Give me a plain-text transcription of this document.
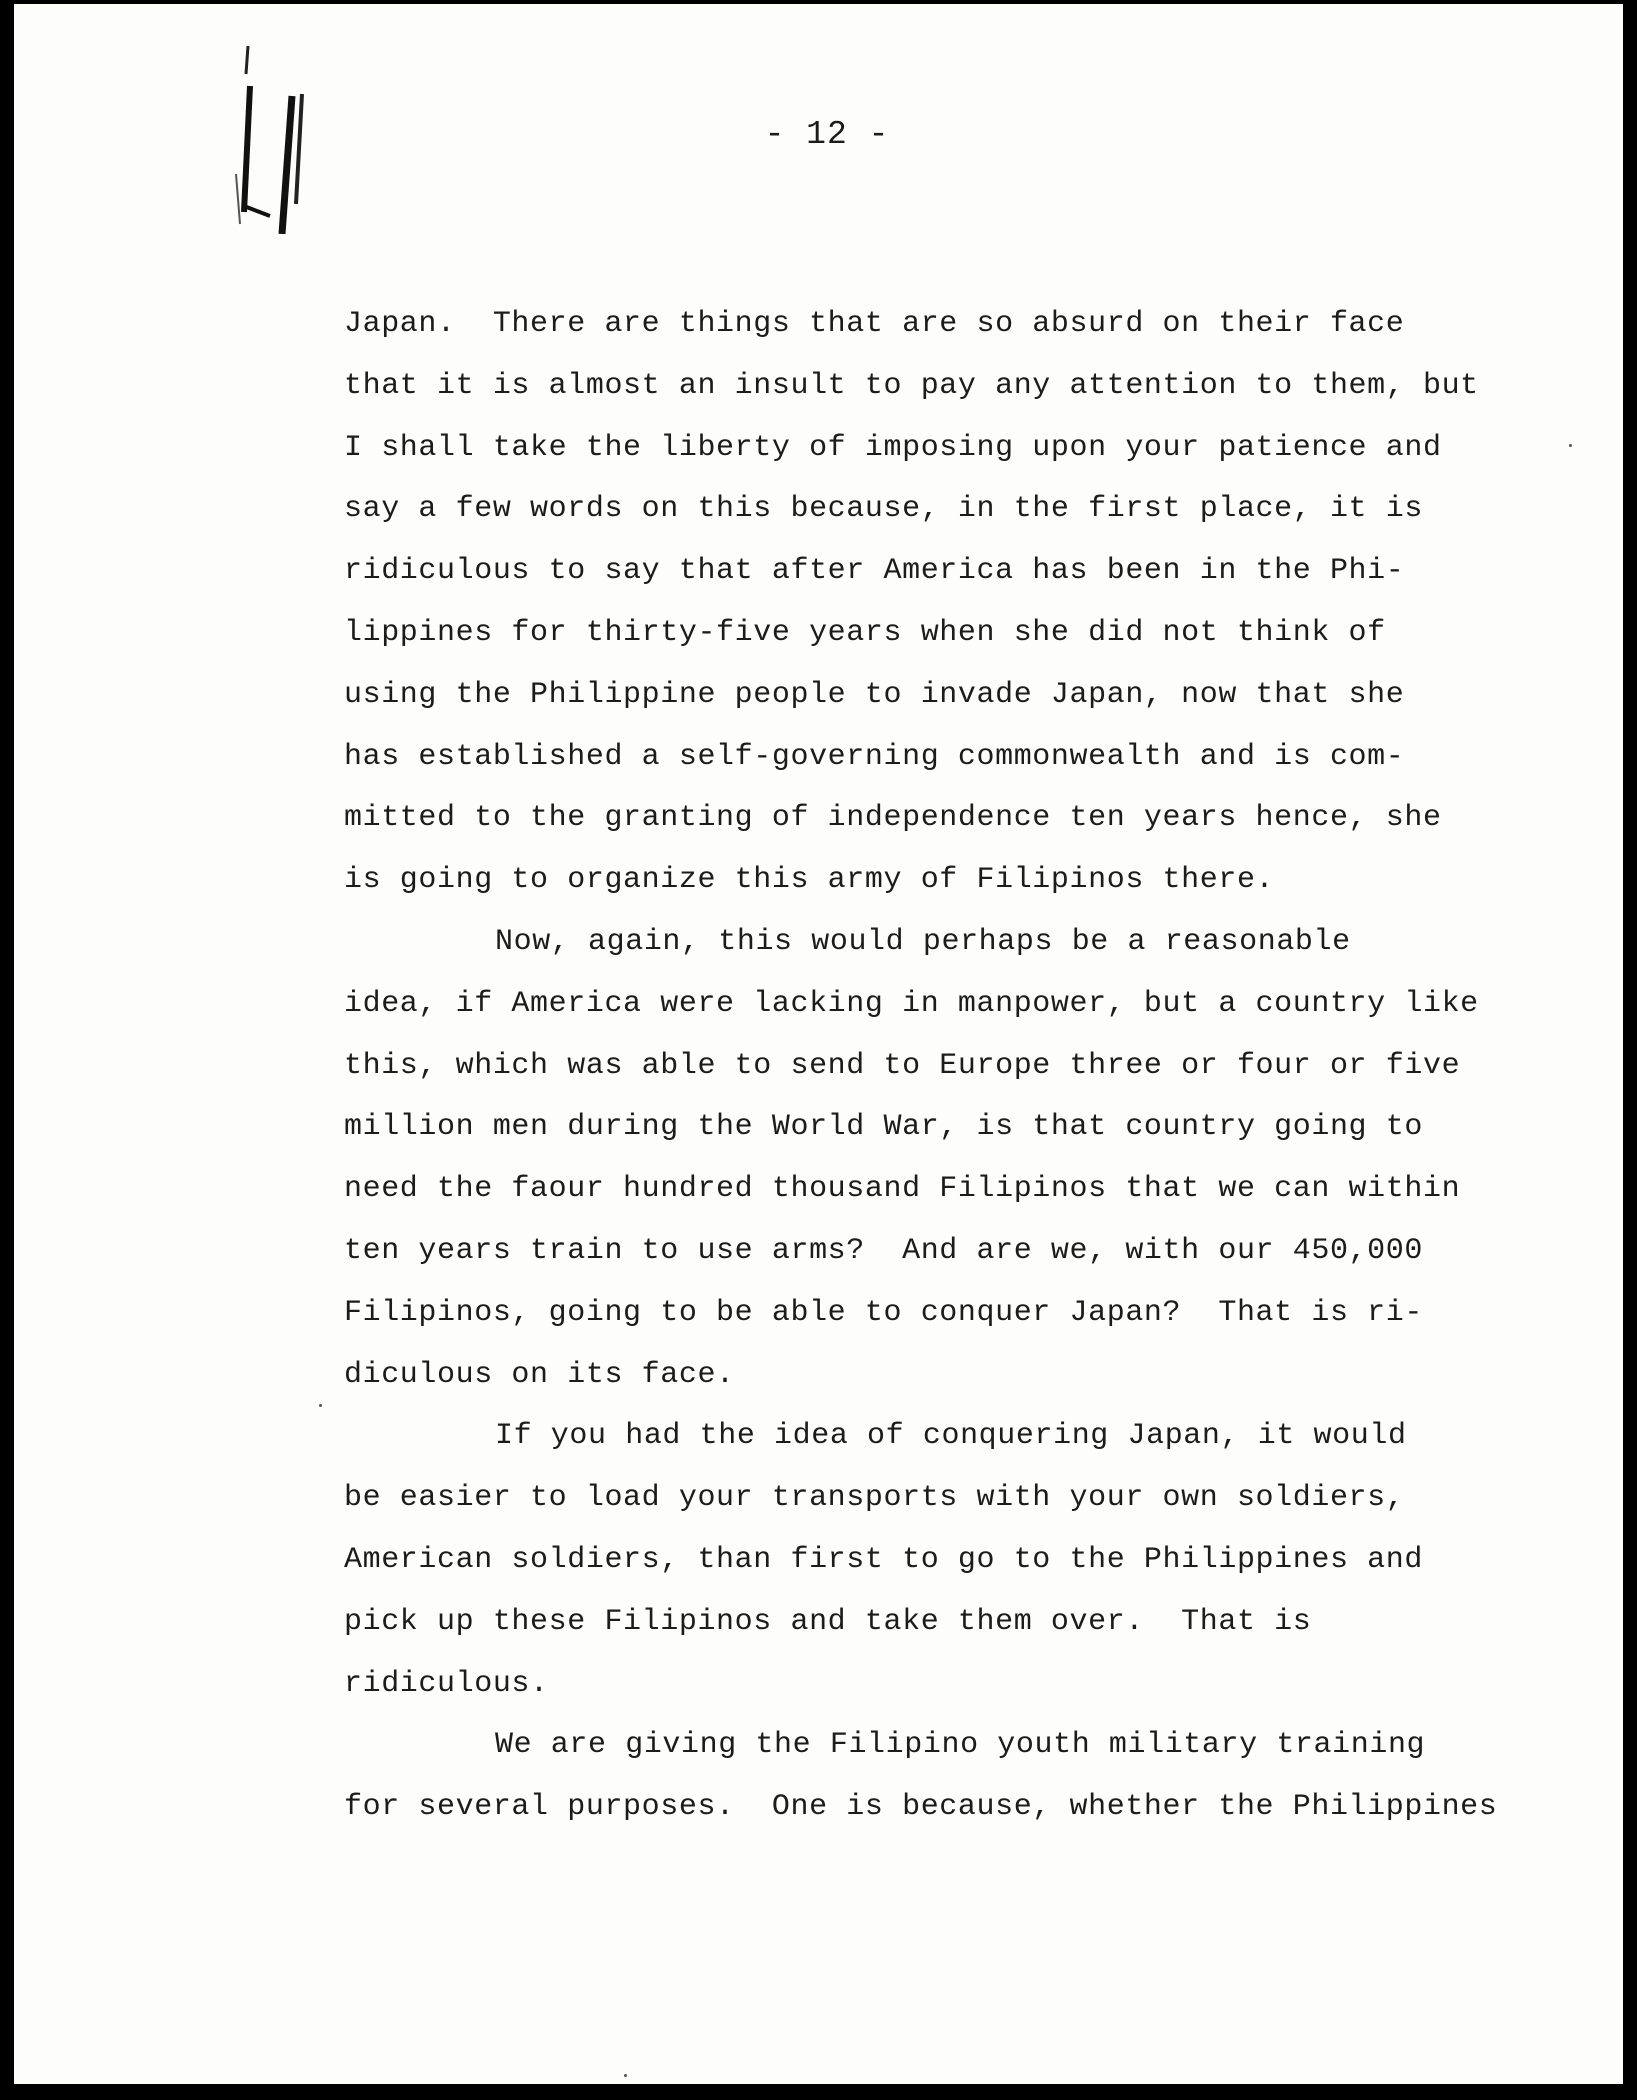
- 12 -
Japan.  There are things that are so absurd on their face
that it is almost an insult to pay any attention to them, but
I shall take the liberty of imposing upon your patience and
say a few words on this because, in the first place, it is
ridiculous to say that after America has been in the Phi-
lippines for thirty-five years when she did not think of
using the Philippine people to invade Japan, now that she
has established a self-governing commonwealth and is com-
mitted to the granting of independence ten years hence, she
is going to organize this army of Filipinos there.
Now, again, this would perhaps be a reasonable
idea, if America were lacking in manpower, but a country like
this, which was able to send to Europe three or four or five
million men during the World War, is that country going to
need the faour hundred thousand Filipinos that we can within
ten years train to use arms?  And are we, with our 450,000
Filipinos, going to be able to conquer Japan?  That is ri-
diculous on its face.
If you had the idea of conquering Japan, it would
be easier to load your transports with your own soldiers,
American soldiers, than first to go to the Philippines and
pick up these Filipinos and take them over.  That is
ridiculous.
We are giving the Filipino youth military training
for several purposes.  One is because, whether the Philippines
